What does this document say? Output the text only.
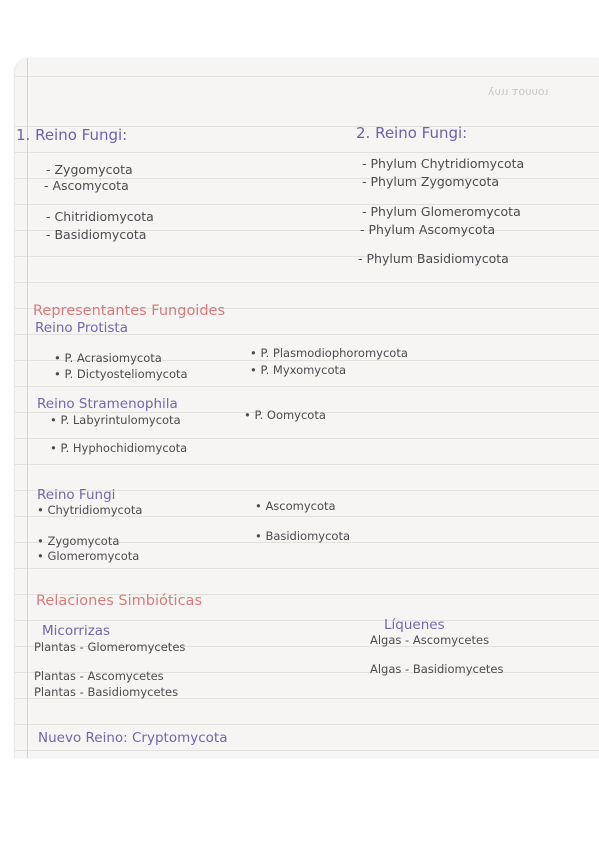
ιουυοτ ιιυλ
1. Reino Fungi:
- Zygomycota
- Ascomycota
- Chitridiomycota
- Basidiomycota
2. Reino Fungi:
- Phylum Chytridiomycota
- Phylum Zygomycota
- Phylum Glomeromycota
- Phylum Ascomycota
- Phylum Basidiomycota
Representantes Fungoides
Reino Protista
• P. Acrasiomycota
• P. Dictyosteliomycota
• P. Plasmodiophoromycota
• P. Myxomycota
Reino Stramenophila
• P. Labyrintulomycota
• P. Hyphochidiomycota
• P. Oomycota
Reino Fungi
• Chytridiomycota
• Zygomycota
• Glomeromycota
• Ascomycota
• Basidiomycota
Relaciones Simbióticas
Micorrizas
Plantas - Glomeromycetes
Plantas - Ascomycetes
Plantas - Basidiomycetes
Líquenes
Algas - Ascomycetes
Algas - Basidiomycetes
Nuevo Reino: Cryptomycota
